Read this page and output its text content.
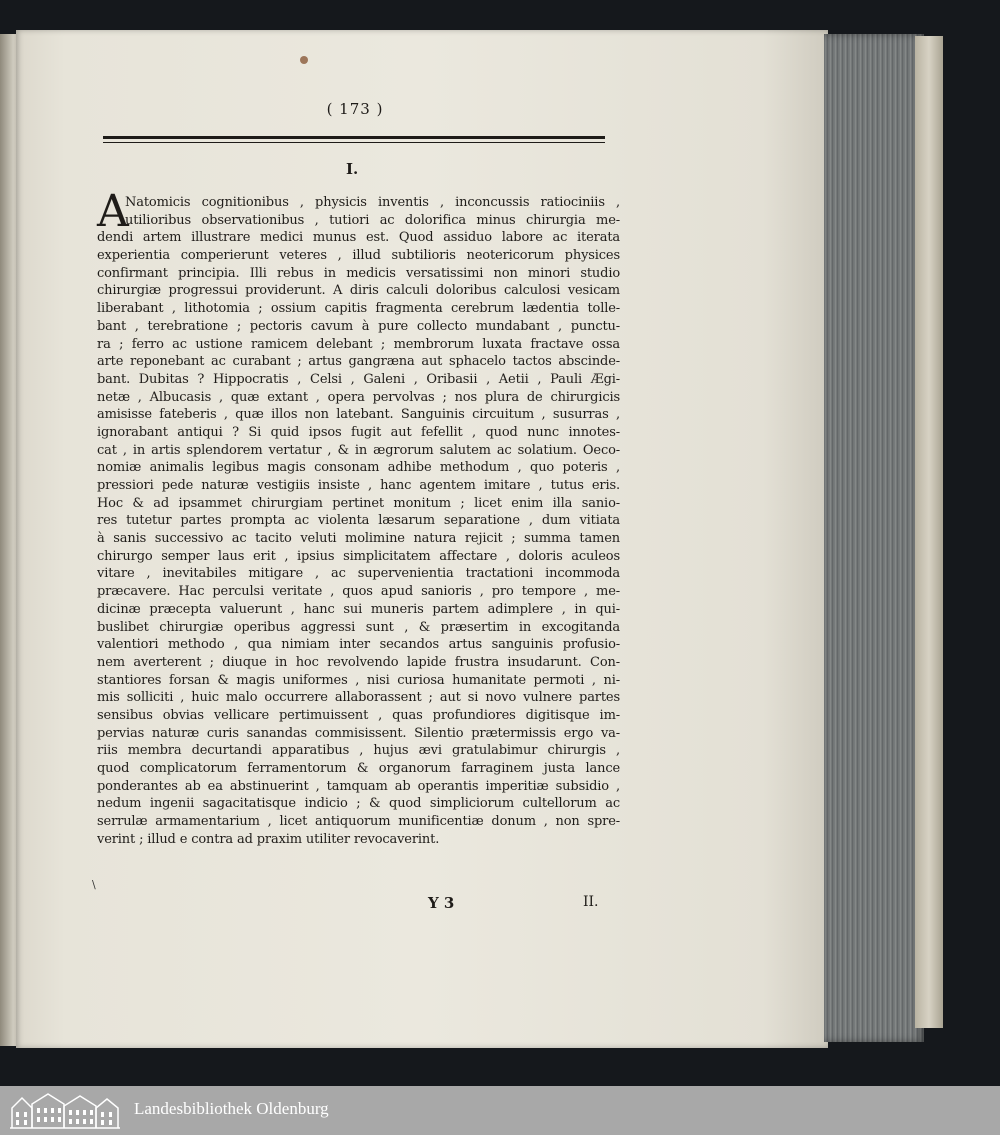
( 173 )
I.
A
Natomicis cognitionibus , physicis inventis , inconcussis ratiociniis ,
utilioribus observationibus , tutiori ac dolorifica minus chirurgia me-
dendi artem illustrare medici munus est. Quod assiduo labore ac iterata
experientia comperierunt veteres , illud subtilioris neotericorum physices
confirmant principia. Illi rebus in medicis versatissimi non minori studio
chirurgiæ progressui providerunt. A diris calculi doloribus calculosi vesicam
liberabant , lithotomia ; ossium capitis fragmenta cerebrum lædentia tolle-
bant , terebratione ; pectoris cavum à pure collecto mundabant , punctu-
ra ; ferro ac ustione ramicem delebant ; membrorum luxata fractave ossa
arte reponebant ac curabant ; artus gangræna aut sphacelo tactos abscinde-
bant. Dubitas ? Hippocratis , Celsi , Galeni , Oribasii , Aetii , Pauli Ægi-
netæ , Albucasis , quæ extant , opera pervolvas ; nos plura de chirurgicis
amisisse fateberis , quæ illos non latebant. Sanguinis circuitum , susurras ,
ignorabant antiqui ? Si quid ipsos fugit aut fefellit , quod nunc innotes-
cat , in artis splendorem vertatur , & in ægrorum salutem ac solatium. Oeco-
nomiæ animalis legibus magis consonam adhibe methodum , quo poteris ,
pressiori pede naturæ vestigiis insiste , hanc agentem imitare , tutus eris.
Hoc & ad ipsammet chirurgiam pertinet monitum ; licet enim illa sanio-
res tutetur partes prompta ac violenta læsarum separatione , dum vitiata
à sanis successivo ac tacito veluti molimine natura rejicit ; summa tamen
chirurgo semper laus erit , ipsius simplicitatem affectare , doloris aculeos
vitare , inevitabiles mitigare , ac supervenientia tractationi incommoda
præcavere. Hac perculsi veritate , quos apud sanioris , pro tempore , me-
dicinæ præcepta valuerunt , hanc sui muneris partem adimplere , in qui-
buslibet chirurgiæ operibus aggressi sunt , & præsertim in excogitanda
valentiori methodo , qua nimiam inter secandos artus sanguinis profusio-
nem averterent ; diuque in hoc revolvendo lapide frustra insudarunt. Con-
stantiores forsan & magis uniformes , nisi curiosa humanitate permoti , ni-
mis solliciti , huic malo occurrere allaborassent ; aut si novo vulnere partes
sensibus obvias vellicare pertimuissent , quas profundiores digitisque im-
pervias naturæ curis sanandas commisissent. Silentio prætermissis ergo va-
riis membra decurtandi apparatibus , hujus ævi gratulabimur chirurgis ,
quod complicatorum ferramentorum & organorum farraginem justa lance
ponderantes ab ea abstinuerint , tamquam ab operantis imperitiæ subsidio ,
nedum ingenii sagacitatisque indicio ; & quod simpliciorum cultellorum ac
serrulæ armamentarium , licet antiquorum munificentiæ donum , non spre-
verint ; illud e contra ad praxim utiliter revocaverint.
\
Y 3	II.
Landesbibliothek Oldenburg
